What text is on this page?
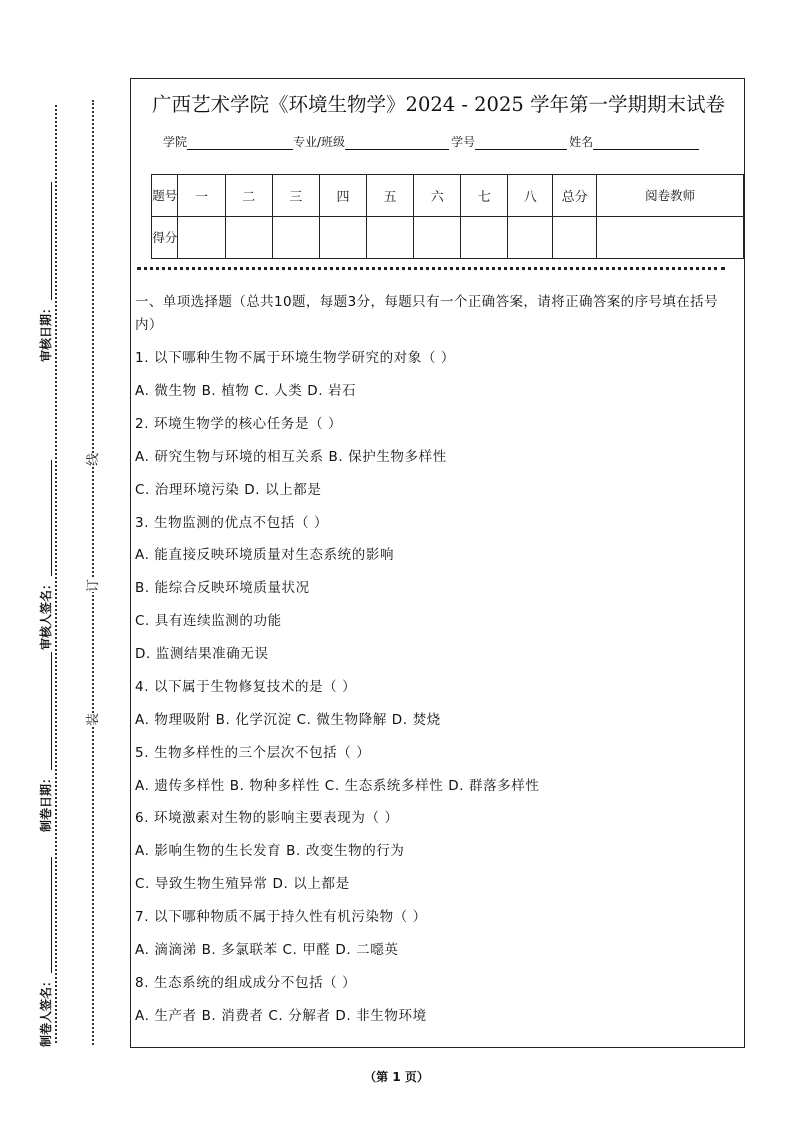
审核日期：
审核人签名：
制卷日期：
制卷人签名：
线
订
装
广西艺术学院《环境生物学》2024 - 2025 学年第一学期期末试卷
学院	专业/班级	学号	姓名
题号	一	二	三	四	五	六	七	八	总分	阅卷教师
得分										
一、单项选择题（总共10题，每题3分，每题只有一个正确答案，请将正确答案的序号填在括号内）
1. 以下哪种生物不属于环境生物学研究的对象（ ）
A. 微生物 B. 植物 C. 人类 D. 岩石
2. 环境生物学的核心任务是（ ）
A. 研究生物与环境的相互关系 B. 保护生物多样性
C. 治理环境污染 D. 以上都是
3. 生物监测的优点不包括（ ）
A. 能直接反映环境质量对生态系统的影响
B. 能综合反映环境质量状况
C. 具有连续监测的功能
D. 监测结果准确无误
4. 以下属于生物修复技术的是（ ）
A. 物理吸附 B. 化学沉淀 C. 微生物降解 D. 焚烧
5. 生物多样性的三个层次不包括（ ）
A. 遗传多样性 B. 物种多样性 C. 生态系统多样性 D. 群落多样性
6. 环境激素对生物的影响主要表现为（ ）
A. 影响生物的生长发育 B. 改变生物的行为
C. 导致生物生殖异常 D. 以上都是
7. 以下哪种物质不属于持久性有机污染物（ ）
A. 滴滴涕 B. 多氯联苯 C. 甲醛 D. 二噁英
8. 生态系统的组成成分不包括（ ）
A. 生产者 B. 消费者 C. 分解者 D. 非生物环境
（第 1 页）
